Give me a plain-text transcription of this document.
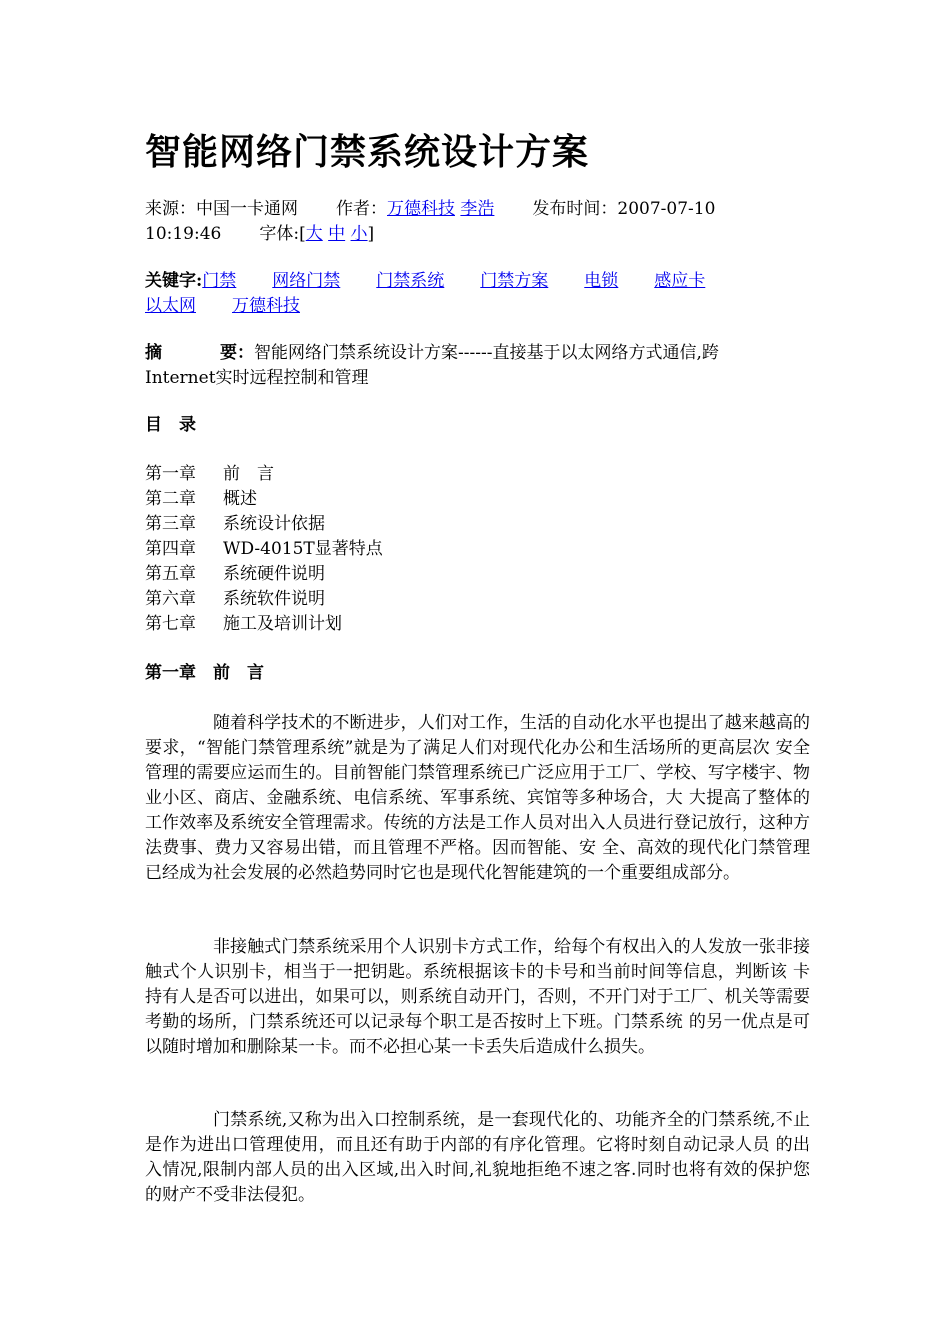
智能网络门禁系统设计方案
来源：中国一卡通网 作者：万德科技 李浩 发布时间：2007-07-10
10:19:46 字体:[大 中 小]
关键字:门禁 网络门禁 门禁系统 门禁方案 电锁 感应卡
以太网 万德科技
摘	要：智能网络门禁系统设计方案------直接基于以太网络方式通信,跨
Internet实时远程控制和管理
目　录
第一章 前　言
第二章 概述
第三章 系统设计依据
第四章 WD-4015T显著特点
第五章 系统硬件说明
第六章 系统软件说明
第七章 施工及培训计划
第一章　前　言

随着科学技术的不断进步，人们对工作，生活的自动化水平也提出了越来越高的要求，“智能门禁管理系统”就是为了满足人们对现代化办公和生活场所的更高层次 安全管理的需要应运而生的。目前智能门禁管理系统已广泛应用于工厂、学校、写字楼宇、物业小区、商店、金融系统、电信系统、军事系统、宾馆等多种场合，大 大提高了整体的工作效率及系统安全管理需求。传统的方法是工作人员对出入人员进行登记放行，这种方法费事、费力又容易出错，而且管理不严格。因而智能、安 全、高效的现代化门禁管理已经成为社会发展的必然趋势同时它也是现代化智能建筑的一个重要组成部分。

非接触式门禁系统采用个人识别卡方式工作，给每个有权出入的人发放一张非接触式个人识别卡，相当于一把钥匙。系统根据该卡的卡号和当前时间等信息，判断该 卡持有人是否可以进出，如果可以，则系统自动开门，否则，不开门对于工厂、机关等需要考勤的场所，门禁系统还可以记录每个职工是否按时上下班。门禁系统 的另一优点是可以随时增加和删除某一卡。而不必担心某一卡丢失后造成什么损失。

门禁系统,又称为出入口控制系统，是一套现代化的、功能齐全的门禁系统,不止是作为进出口管理使用，而且还有助于内部的有序化管理。它将时刻自动记录人员 的出入情况,限制内部人员的出入区域,出入时间,礼貌地拒绝不速之客.同时也将有效的保护您的财产不受非法侵犯。
